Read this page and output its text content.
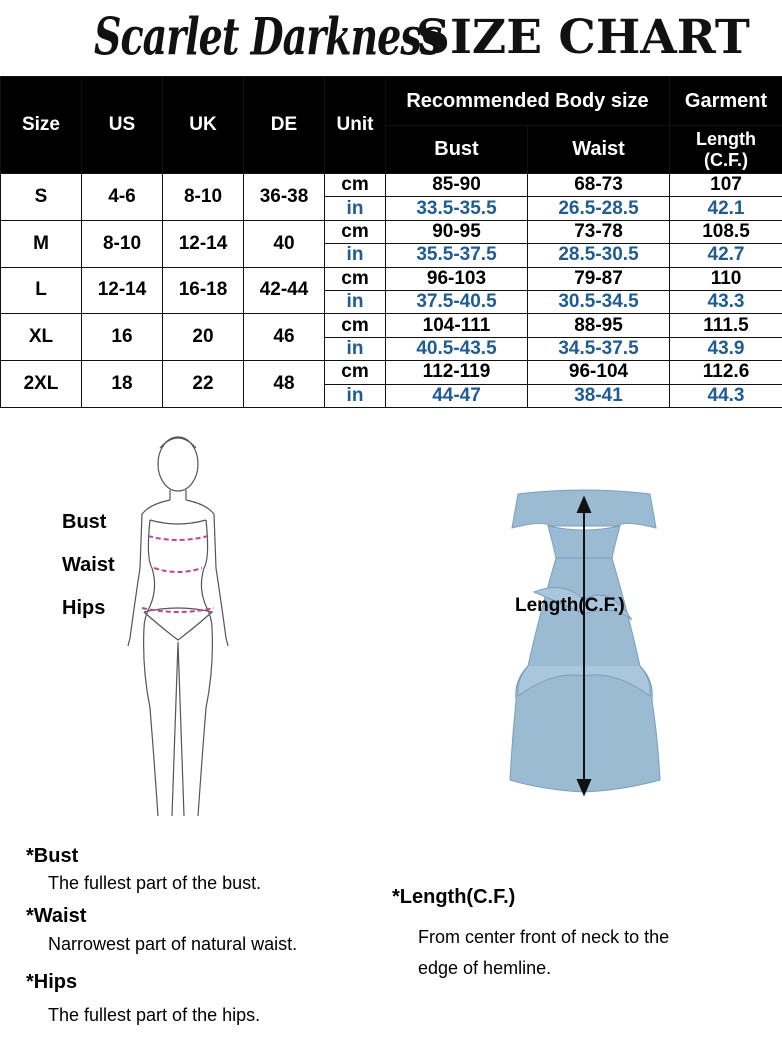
Scarlet Darkness
SIZE CHART
Size	US	UK	DE	Unit	Recommended Body size		Garment
					Bust	Waist	Length
(C.F.)
S	4-6	8-10	36-38	cm	85-90	68-73	107
				in	33.5-35.5	26.5-28.5	42.1
M	8-10	12-14	40	cm	90-95	73-78	108.5
				in	35.5-37.5	28.5-30.5	42.7
L	12-14	16-18	42-44	cm	96-103	79-87	110
				in	37.5-40.5	30.5-34.5	43.3
XL	16	20	46	cm	104-111	88-95	111.5
				in	40.5-43.5	34.5-37.5	43.9
2XL	18	22	48	cm	112-119	96-104	112.6
				in	44-47	38-41	44.3
Bust
Waist
Hips	Length(C.F.)
*Bust
The fullest part of the bust.
*Waist
Narrowest part of natural waist.
*Hips
The fullest part of the hips.
*Length(C.F.)
From center front of neck to the
edge of hemline.
